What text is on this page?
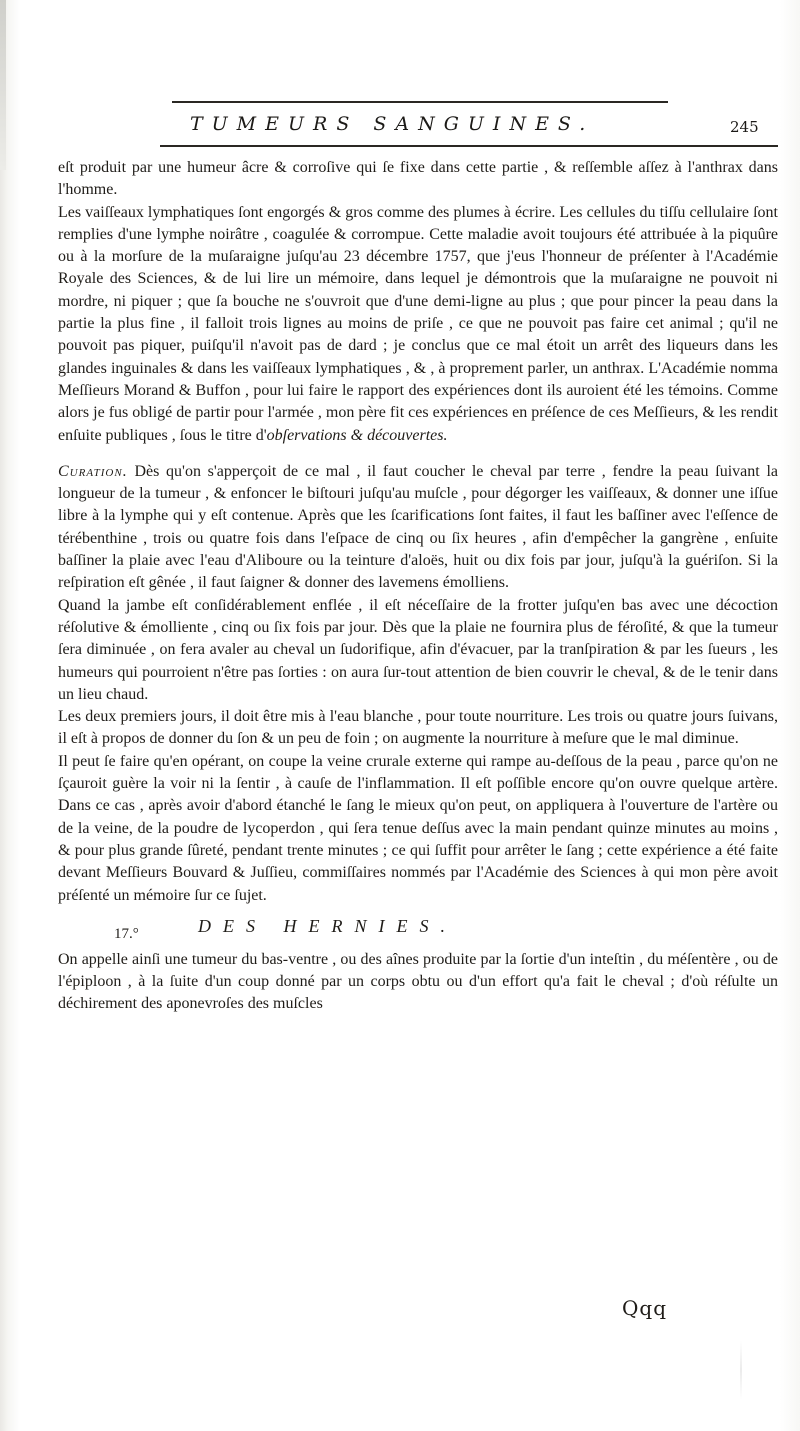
TUMEURS SANGUINES.	245

eſt produit par une humeur âcre & corroſive qui ſe fixe dans cette partie , & reſſemble aſſez à l'anthrax dans l'homme.

Les vaiſſeaux lymphatiques ſont engorgés & gros comme des plumes à écrire. Les cellules du tiſſu cellulaire ſont remplies d'une lymphe noirâtre , coagulée & corrompue. Cette maladie avoit toujours été attribuée à la piquûre ou à la morſure de la muſaraigne juſqu'au 23 décembre 1757, que j'eus l'honneur de préſenter à l'Académie Royale des Sciences, & de lui lire un mémoire, dans lequel je démontrois que la muſaraigne ne pouvoit ni mordre, ni piquer ; que ſa bouche ne s'ouvroit que d'une demi-ligne au plus ; que pour pincer la peau dans la partie la plus fine , il falloit trois lignes au moins de priſe , ce que ne pouvoit pas faire cet animal ; qu'il ne pouvoit pas piquer, puiſqu'il n'avoit pas de dard ; je conclus que ce mal étoit un arrêt des liqueurs dans les glandes inguinales & dans les vaiſſeaux lymphatiques , & , à proprement parler, un anthrax. L'Académie nomma Meſſieurs Morand & Buffon , pour lui faire le rapport des expériences dont ils auroient été les témoins. Comme alors je fus obligé de partir pour l'armée , mon père fit ces expériences en préſence de ces Meſſieurs, & les rendit enſuite publiques , ſous le titre d'obſervations & découvertes.

Curation. Dès qu'on s'apperçoit de ce mal , il faut coucher le cheval par terre , fendre la peau ſuivant la longueur de la tumeur , & enfoncer le biſtouri juſqu'au muſcle , pour dégorger les vaiſſeaux, & donner une iſſue libre à la lymphe qui y eſt contenue. Après que les ſcarifications ſont faites, il faut les baſſiner avec l'eſſence de térébenthine , trois ou quatre fois dans l'eſpace de cinq ou ſix heures , afin d'empêcher la gangrène , enſuite baſſiner la plaie avec l'eau d'Aliboure ou la teinture d'aloës, huit ou dix fois par jour, juſqu'à la guériſon. Si la reſpiration eſt gênée , il faut ſaigner & donner des lavemens émolliens.

Quand la jambe eſt conſidérablement enflée , il eſt néceſſaire de la frotter juſqu'en bas avec une décoction réſolutive & émolliente , cinq ou ſix fois par jour. Dès que la plaie ne fournira plus de féroſité, & que la tumeur ſera diminuée , on fera avaler au cheval un ſudorifique, afin d'évacuer, par la tranſpiration & par les ſueurs , les humeurs qui pourroient n'être pas ſorties : on aura ſur-tout attention de bien couvrir le cheval, & de le tenir dans un lieu chaud.

Les deux premiers jours, il doit être mis à l'eau blanche , pour toute nourriture. Les trois ou quatre jours ſuivans, il eſt à propos de donner du ſon & un peu de foin ; on augmente la nourriture à meſure que le mal diminue.

Il peut ſe faire qu'en opérant, on coupe la veine crurale externe qui rampe au-deſſous de la peau , parce qu'on ne ſçauroit guère la voir ni la ſentir , à cauſe de l'inflammation. Il eſt poſſible encore qu'on ouvre quelque artère. Dans ce cas , après avoir d'abord étanché le ſang le mieux qu'on peut, on appliquera à l'ouverture de l'artère ou de la veine, de la poudre de lycoperdon , qui ſera tenue deſſus avec la main pendant quinze minutes au moins , & pour plus grande ſûreté, pendant trente minutes ; ce qui ſuffit pour arrêter le ſang ; cette expérience a été faite devant Meſſieurs Bouvard & Juſſieu, commiſſaires nommés par l'Académie des Sciences à qui mon père avoit préſenté un mémoire ſur ce ſujet.

17.°	DES HERNIES.

On appelle ainſi une tumeur du bas-ventre , ou des aînes produite par la ſortie d'un inteſtin , du méſentère , ou de l'épiploon , à la ſuite d'un coup donné par un corps obtu ou d'un effort qu'a fait le cheval ; d'où réſulte un déchirement des aponevroſes des muſcles

Qqq
